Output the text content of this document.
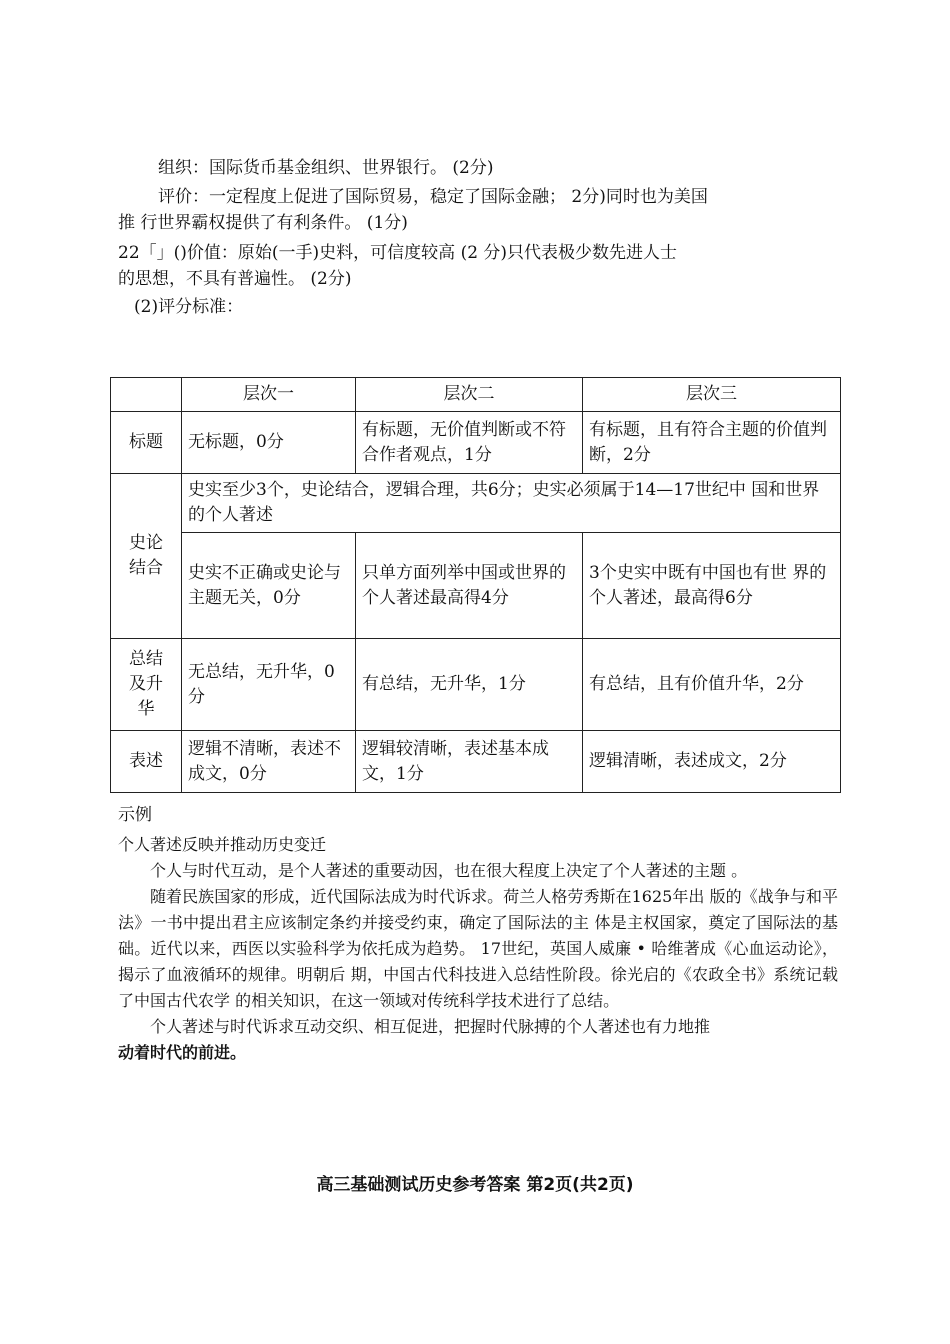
组织：国际货币基金组织、世界银行。 (2分)
评价：一定程度上促进了国际贸易，稳定了国际金融； 2分)同时也为美国
推 行世界霸权提供了有利条件。 (1分)
22「」()价值：原始(一手)史料，可信度较高 (2 分)只代表极少数先进人士
的思想，不具有普遍性。 (2分)
(2)评分标准：
	层次一	层次二	层次三
标题	无标题，0分	有标题，无价值判断或不符合作者观点，1分	有标题，且有符合主题的价值判断，2分
史论结合	史实至少3个，史论结合，逻辑合理，共6分；史实必须属于14—17世纪中 国和世界的个人著述		
	史实不正确或史论与主题无关，0分	只单方面列举中国或世界的个人著述最高得4分	3个史实中既有中国也有世 界的个人著述，最高得6分
总结及升华	无总结，无升华，0分	有总结，无升华，1分	有总结，且有价值升华，2分
表述	逻辑不清晰，表述不成文，0分	逻辑较清晰，表述基本成文，1分	逻辑清晰，表述成文，2分
示例

个人著述反映并推动历史变迁

个人与时代互动，是个人著述的重要动因，也在很大程度上决定了个人著述的主题 。

随着民族国家的形成，近代国际法成为时代诉求。荷兰人格劳秀斯在1625年出 版的《战争与和平法》一书中提出君主应该制定条约并接受约束，确定了国际法的主 体是主权国家，奠定了国际法的基础。近代以来，西医以实验科学为依托成为趋势。 17世纪，英国人威廉 • 哈维著成《心血运动论》，揭示了血液循环的规律。明朝后 期，中国古代科技进入总结性阶段。徐光启的《农政全书》系统记载了中国古代农学 的相关知识，在这一领域对传统科学技术进行了总结。

个人著述与时代诉求互动交织、相互促进，把握时代脉搏的个人著述也有力地推

动着时代的前进。

高三基础测试历史参考答案 第2页(共2页)
